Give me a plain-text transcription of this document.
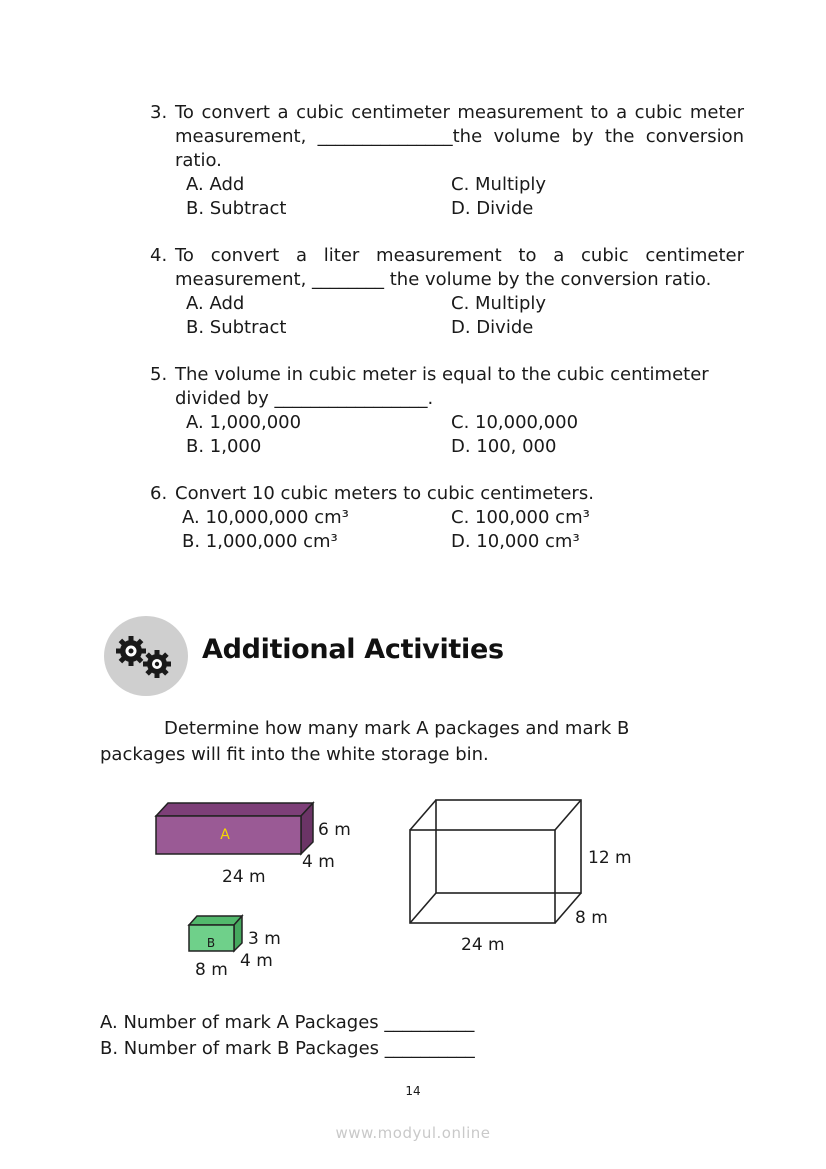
3. To convert a cubic centimeter measurement to a cubic meter measurement, _______________the volume by the conversion ratio.
A. Add	C. Multiply
B. Subtract	D. Divide
4. To convert a liter measurement to a cubic centimeter measurement, ________ the volume by the conversion ratio.
A. Add	C. Multiply
B. Subtract	D. Divide
5. The volume in cubic meter is equal to the cubic centimeter divided by _________________.
A. 1,000,000	C. 10,000,000
B. 1,000	D. 100, 000
6. Convert 10 cubic meters to cubic centimeters.
A. 10,000,000 cm³	C. 100,000 cm³
B. 1,000,000 cm³	D. 10,000 cm³
Additional Activities
Determine how many mark A packages and mark B
packages will fit into the white storage bin.
A	6 m
4 m
24 m
B 3 m
4 m
8 m
12 m
8 m
24 m
A. Number of mark A Packages __________
B. Number of mark B Packages __________
14
www.modyul.online
